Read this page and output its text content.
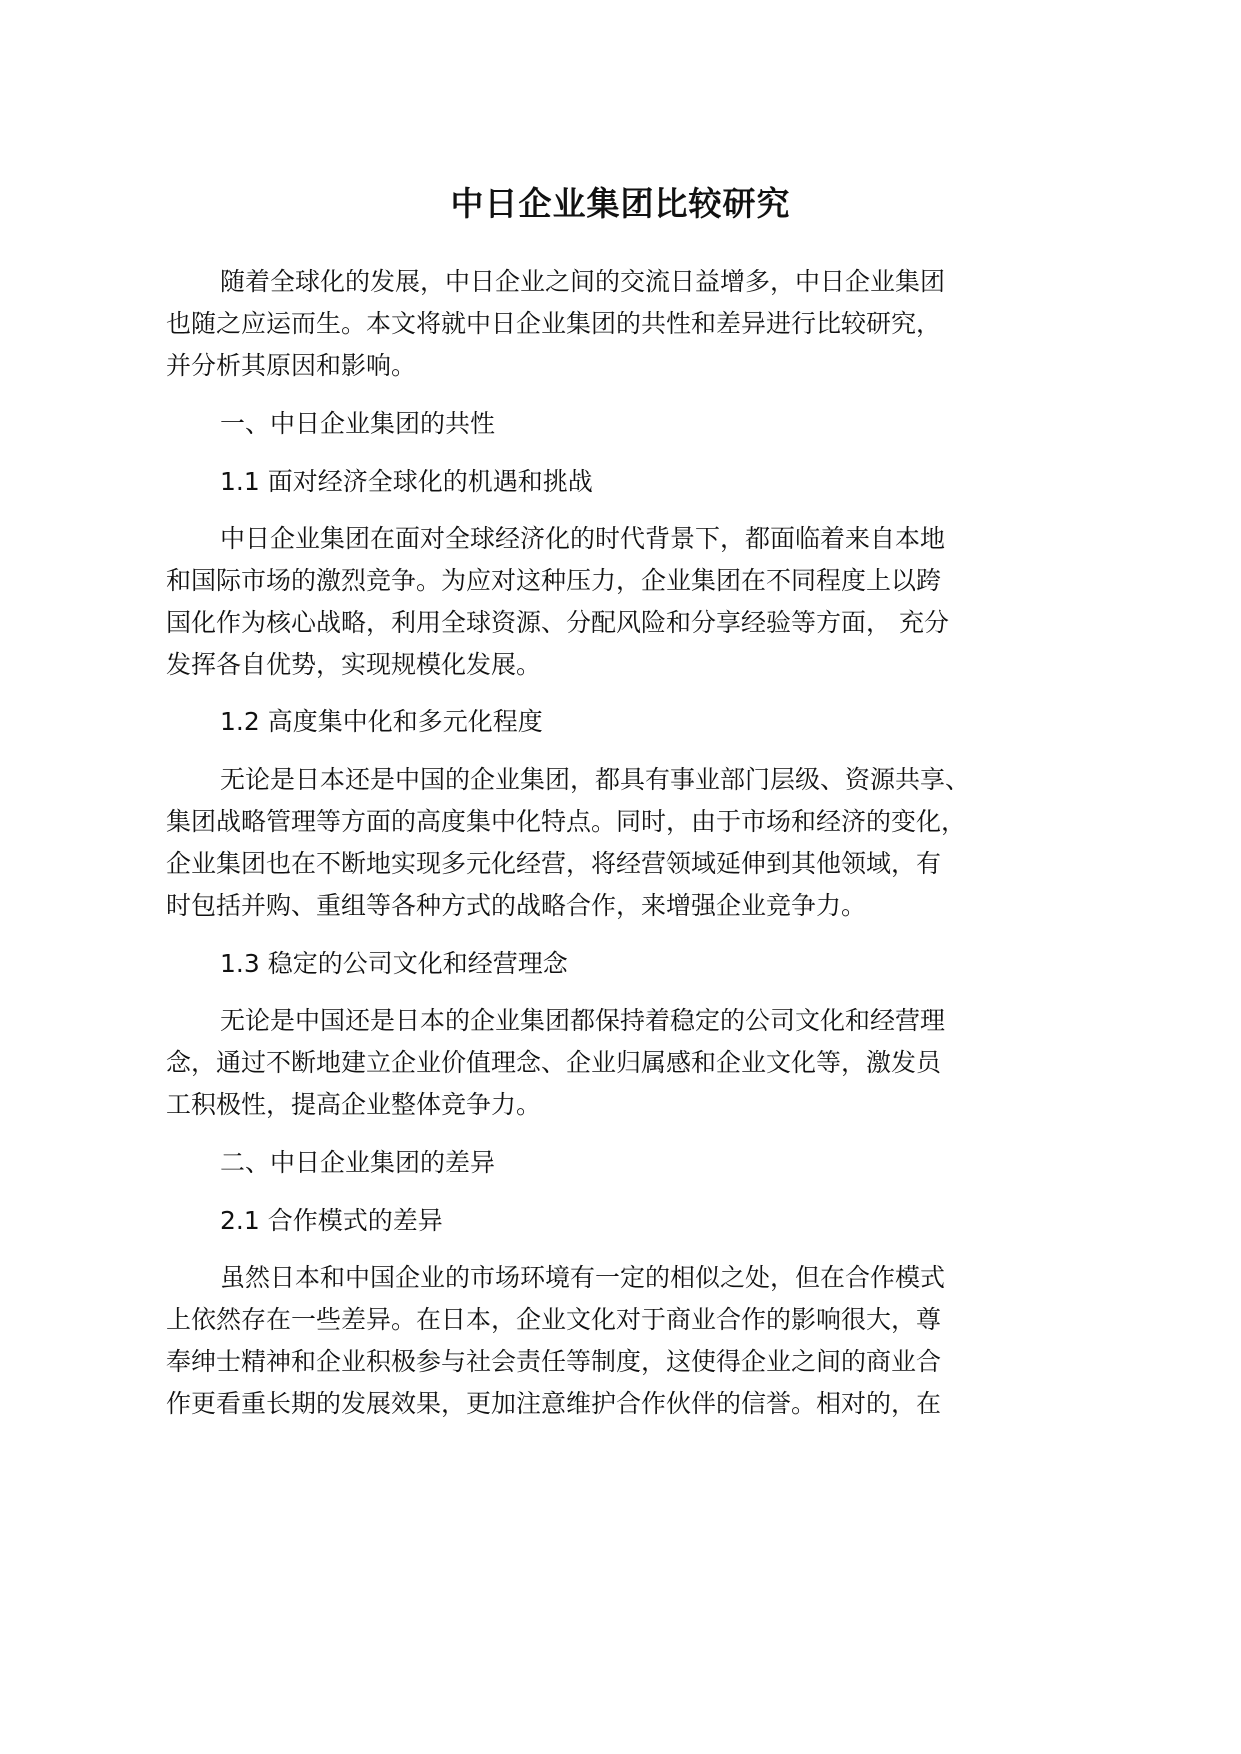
中日企业集团比较研究
随着全球化的发展，中日企业之间的交流日益增多，中日企业集团
也随之应运而生。本文将就中日企业集团的共性和差异进行比较研究，
并分析其原因和影响。
一、中日企业集团的共性
1.1 面对经济全球化的机遇和挑战
中日企业集团在面对全球经济化的时代背景下，都面临着来自本地
和国际市场的激烈竞争。为应对这种压力，企业集团在不同程度上以跨
国化作为核心战略，利用全球资源、分配风险和分享经验等方面， 充分
发挥各自优势，实现规模化发展。
1.2 高度集中化和多元化程度
无论是日本还是中国的企业集团，都具有事业部门层级、资源共享、
集团战略管理等方面的高度集中化特点。同时，由于市场和经济的变化，
企业集团也在不断地实现多元化经营，将经营领域延伸到其他领域，有
时包括并购、重组等各种方式的战略合作，来增强企业竞争力。
1.3 稳定的公司文化和经营理念
无论是中国还是日本的企业集团都保持着稳定的公司文化和经营理
念，通过不断地建立企业价值理念、企业归属感和企业文化等，激发员
工积极性，提高企业整体竞争力。
二、中日企业集团的差异
2.1 合作模式的差异
虽然日本和中国企业的市场环境有一定的相似之处，但在合作模式
上依然存在一些差异。在日本，企业文化对于商业合作的影响很大，尊
奉绅士精神和企业积极参与社会责任等制度，这使得企业之间的商业合
作更看重长期的发展效果，更加注意维护合作伙伴的信誉。相对的，在
